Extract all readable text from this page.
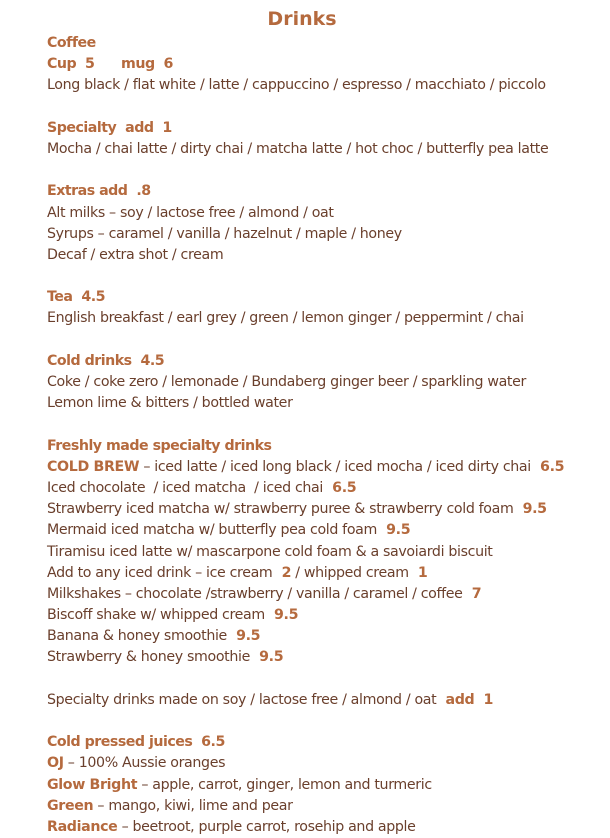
Drinks
Coffee
Cup  5      mug  6
Long black / flat white / latte / cappuccino / espresso / macchiato / piccolo
Specialty  add  1
Mocha / chai latte / dirty chai / matcha latte / hot choc / butterfly pea latte
Extras add  .8
Alt milks – soy / lactose free / almond / oat
Syrups – caramel / vanilla / hazelnut / maple / honey
Decaf / extra shot / cream
Tea  4.5
English breakfast / earl grey / green / lemon ginger / peppermint / chai
Cold drinks  4.5
Coke / coke zero / lemonade / Bundaberg ginger beer / sparkling water
Lemon lime & bitters / bottled water
Freshly made specialty drinks
COLD BREW – iced latte / iced long black / iced mocha / iced dirty chai  6.5
Iced chocolate  / iced matcha  / iced chai  6.5
Strawberry iced matcha w/ strawberry puree & strawberry cold foam  9.5
Mermaid iced matcha w/ butterfly pea cold foam  9.5
Tiramisu iced latte w/ mascarpone cold foam & a savoiardi biscuit
Add to any iced drink – ice cream  2 / whipped cream  1
Milkshakes – chocolate /strawberry / vanilla / caramel / coffee  7
Biscoff shake w/ whipped cream  9.5
Banana & honey smoothie  9.5
Strawberry & honey smoothie  9.5
Specialty drinks made on soy / lactose free / almond / oat  add  1
Cold pressed juices  6.5
OJ – 100% Aussie oranges
Glow Bright – apple, carrot, ginger, lemon and turmeric
Green – mango, kiwi, lime and pear
Radiance – beetroot, purple carrot, rosehip and apple
